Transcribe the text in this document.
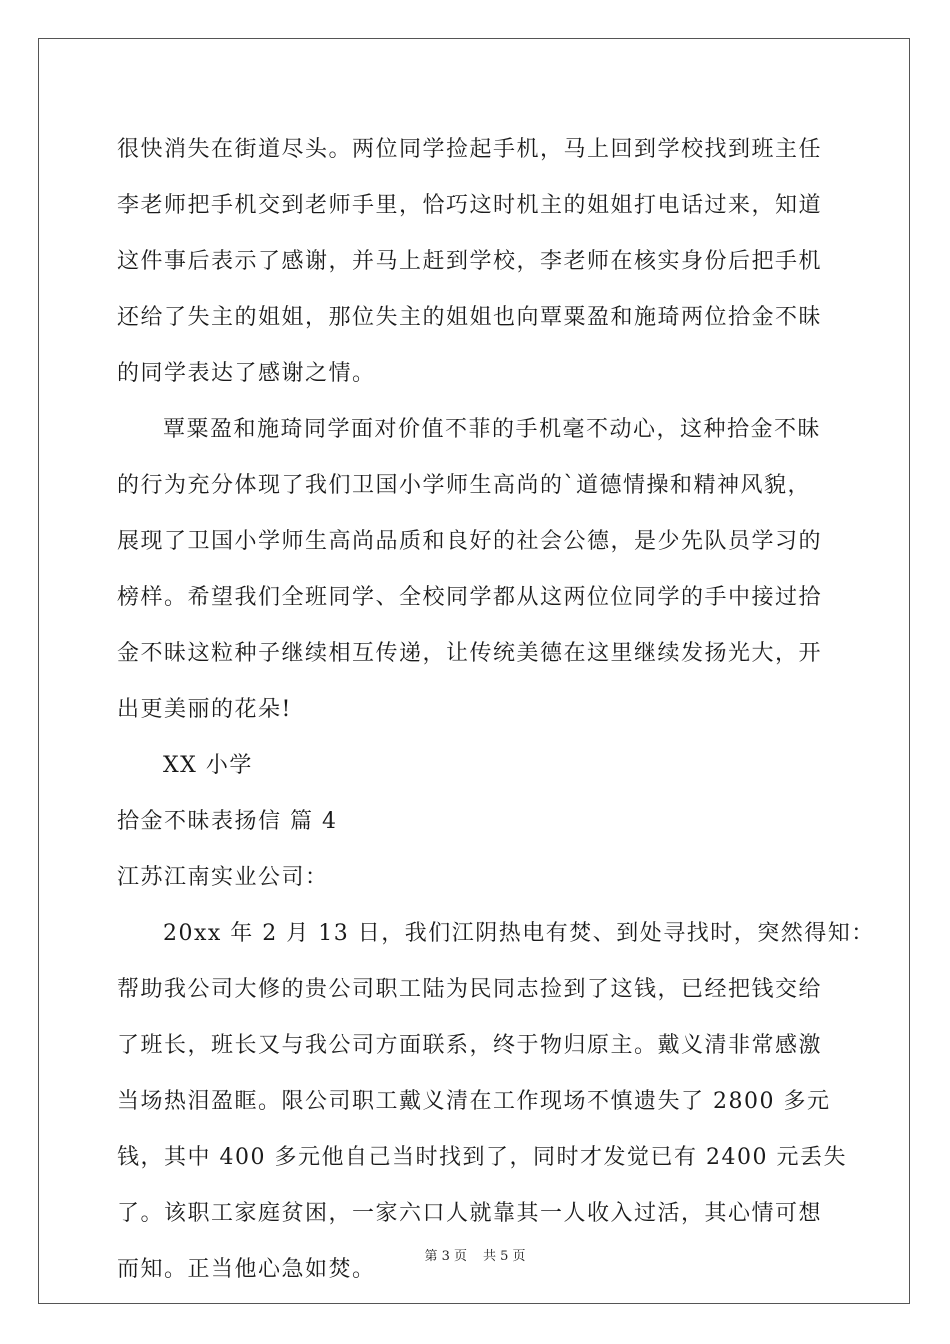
很快消失在街道尽头。两位同学捡起手机，马上回到学校找到班主任
李老师把手机交到老师手里，恰巧这时机主的姐姐打电话过来，知道
这件事后表示了感谢，并马上赶到学校，李老师在核实身份后把手机
还给了失主的姐姐，那位失主的姐姐也向覃粟盈和施琦两位拾金不昧
的同学表达了感谢之情。
覃粟盈和施琦同学面对价值不菲的手机毫不动心，这种拾金不昧
的行为充分体现了我们卫国小学师生高尚的`道德情操和精神风貌，
展现了卫国小学师生高尚品质和良好的社会公德，是少先队员学习的
榜样。希望我们全班同学、全校同学都从这两位位同学的手中接过拾
金不昧这粒种子继续相互传递，让传统美德在这里继续发扬光大，开
出更美丽的花朵!
XX 小学
拾金不昧表扬信 篇 4
江苏江南实业公司：
20xx 年 2 月 13 日，我们江阴热电有焚、到处寻找时，突然得知：
帮助我公司大修的贵公司职工陆为民同志捡到了这钱，已经把钱交给
了班长，班长又与我公司方面联系，终于物归原主。戴义清非常感激
当场热泪盈眶。限公司职工戴义清在工作现场不慎遗失了 2800 多元
钱，其中 400 多元他自己当时找到了，同时才发觉已有 2400 元丢失
了。该职工家庭贫困，一家六口人就靠其一人收入过活，其心情可想
而知。正当他心急如焚。
第 3 页 共 5 页
